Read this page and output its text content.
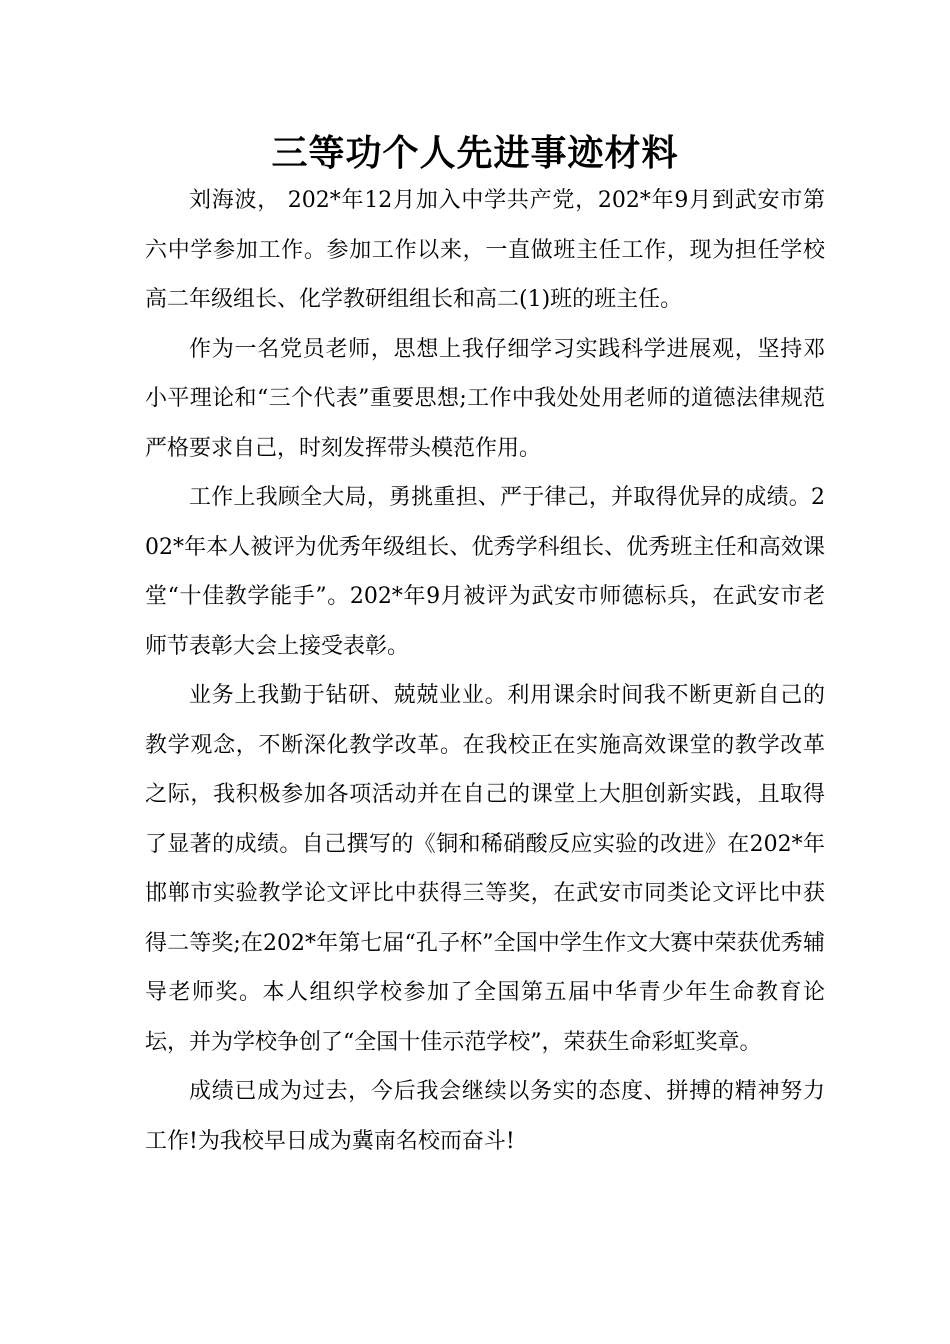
三等功个人先进事迹材料

刘海波， 202*年12月加入中学共产党，202*年9月到武安市第六中学参加工作。参加工作以来，一直做班主任工作，现为担任学校高二年级组长、化学教研组组长和高二(1)班的班主任。

作为一名党员老师，思想上我仔细学习实践科学进展观，坚持邓小平理论和“三个代表”重要思想;工作中我处处用老师的道德法律规范严格要求自己，时刻发挥带头模范作用。

工作上我顾全大局，勇挑重担、严于律己，并取得优异的成绩。202*年本人被评为优秀年级组长、优秀学科组长、优秀班主任和高效课堂“十佳教学能手”。202*年9月被评为武安市师德标兵，在武安市老师节表彰大会上接受表彰。

业务上我勤于钻研、兢兢业业。利用课余时间我不断更新自己的教学观念，不断深化教学改革。在我校正在实施高效课堂的教学改革之际，我积极参加各项活动并在自己的课堂上大胆创新实践，且取得了显著的成绩。自己撰写的《铜和稀硝酸反应实验的改进》在202*年邯郸市实验教学论文评比中获得三等奖，在武安市同类论文评比中获得二等奖;在202*年第七届“孔子杯”全国中学生作文大赛中荣获优秀辅导老师奖。本人组织学校参加了全国第五届中华青少年生命教育论坛，并为学校争创了“全国十佳示范学校”，荣获生命彩虹奖章。

成绩已成为过去，今后我会继续以务实的态度、拼搏的精神努力工作!为我校早日成为冀南名校而奋斗!
